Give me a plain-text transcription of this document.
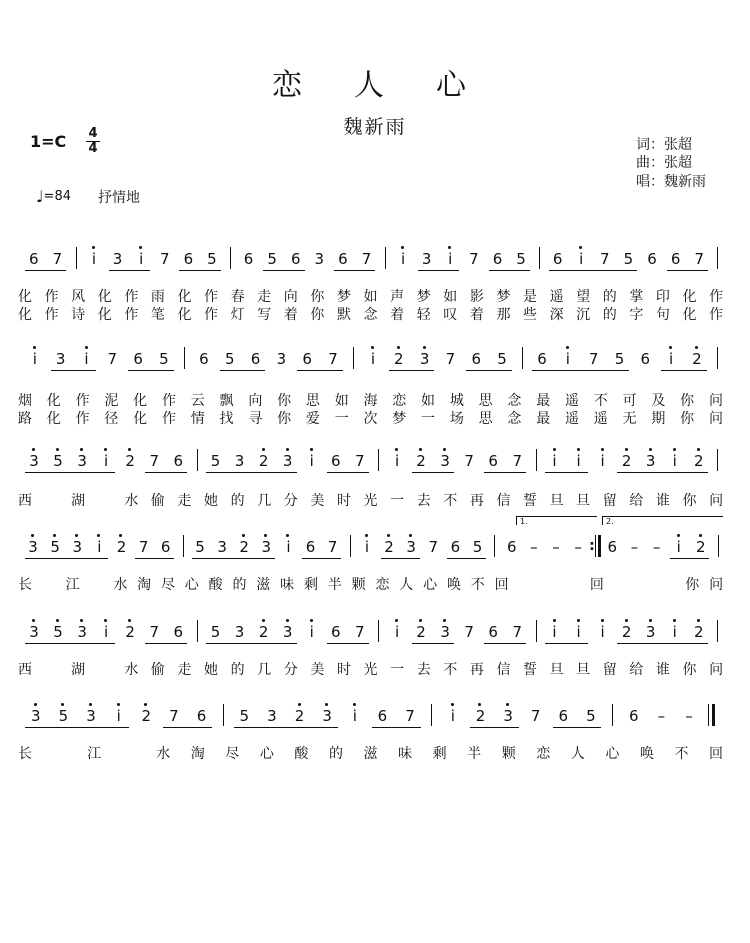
恋人心
魏新雨
$1=C \frac{4}{4}$	词：张超
曲：张超
唱：魏新雨
♩=84 抒情地
6 7	i	3	i	7 6 5 6 5 6 3 6 7	i	3	i	7 6 5 6	i	7 5 6 6 7
化作风化作雨化作春走向你梦如声梦如影梦是遥望的掌印化作
化作诗化作笔化作灯写着你默念着轻叹着那些深沉的字句化作
i	3	i	7 6 5 6 5 6 3 6 7	i	2 3 7 6 5 6	i	7 5 6	i	2
烟化作泥化作云飘向你思如海恋如城思念最遥不可及你问
路化作径化作情找寻你爱一次梦一场思念最遥遥无期你问
3 5 3	i	2 7 6 5 3 2 3	i	6 7	i	2 3 7 6 7	i	i	i	2 3	i	2
西　湖　水偷走她的几分美时光一去不再信誓旦旦留给谁你问
3 5 3	i	2 7 6 5 3 2 3	i	6 7	i	2 3 7 6 5 6 – – – : 6 – –	i	2
长　江　水淘尽心酸的滋味剩半颗恋人心唤不回　　　回　　　你问
1.	2.
3 5 3	i	2 7 6 5 3 2 3	i	6 7	i	2 3 7 6 7	i	i	i	2 3	i	2
西　湖　水偷走她的几分美时光一去不再信誓旦旦留给谁你问
3 5 3	i	2 7 6 5 3 2 3	i	6 7	i	2 3 7 6 5 6 – –
长　江　水淘尽心酸的滋味剩半颗恋人心唤不回
